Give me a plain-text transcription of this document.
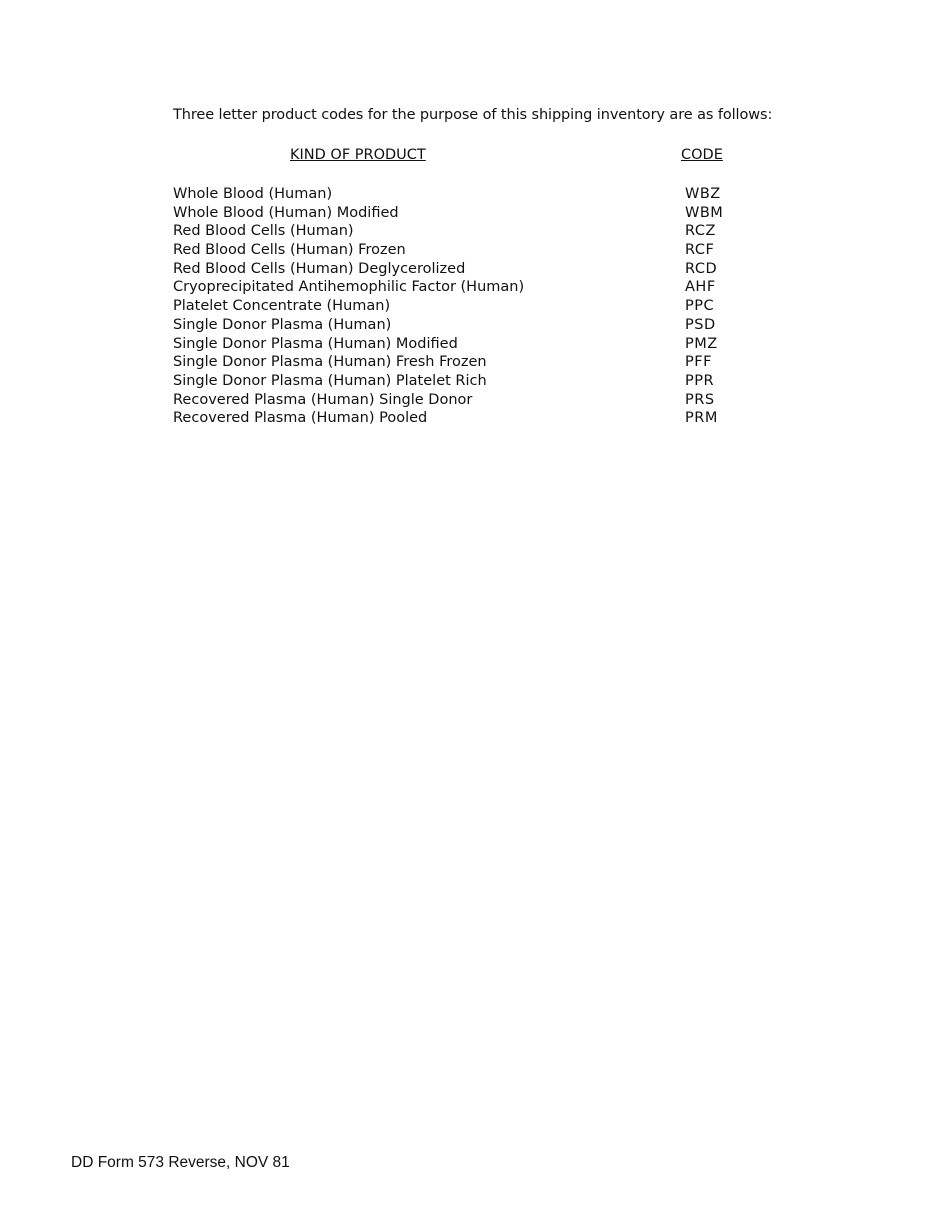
Three letter product codes for the purpose of this shipping inventory are as follows:
KIND OF PRODUCT	CODE
Whole Blood (Human)	WBZ
Whole Blood (Human) Modified	WBM
Red Blood Cells (Human)	RCZ
Red Blood Cells (Human) Frozen	RCF
Red Blood Cells (Human) Deglycerolized	RCD
Cryoprecipitated Antihemophilic Factor (Human)	AHF
Platelet Concentrate (Human)	PPC
Single Donor Plasma (Human)	PSD
Single Donor Plasma (Human) Modified	PMZ
Single Donor Plasma (Human) Fresh Frozen	PFF
Single Donor Plasma (Human) Platelet Rich	PPR
Recovered Plasma (Human) Single Donor	PRS
Recovered Plasma (Human) Pooled	PRM
DD Form 573 Reverse, NOV 81
